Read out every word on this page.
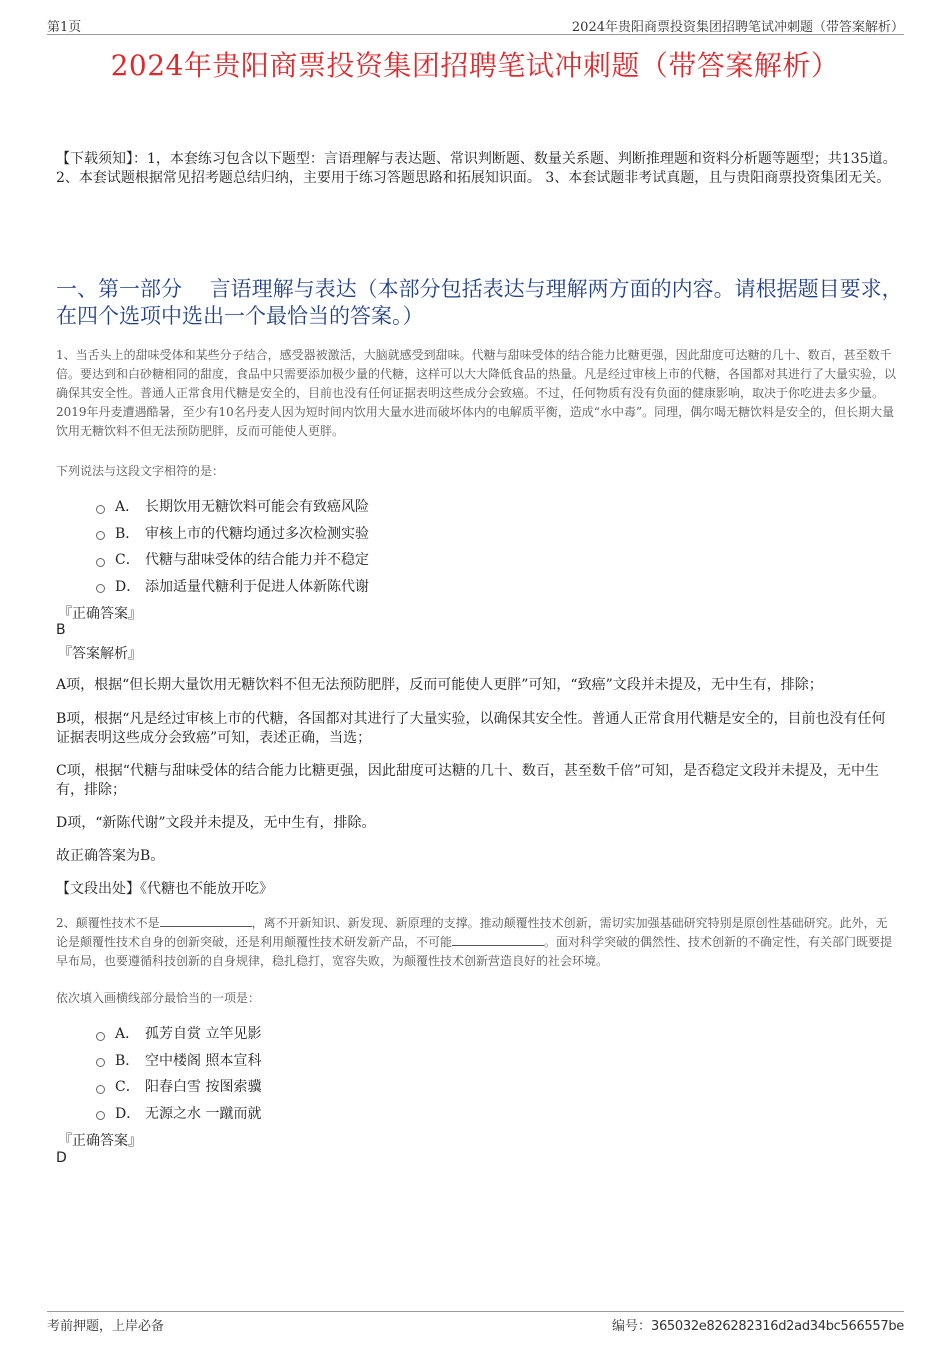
第1页	2024年贵阳商票投资集团招聘笔试冲刺题（带答案解析）
2024年贵阳商票投资集团招聘笔试冲刺题（带答案解析）
【下载须知】：1，本套练习包含以下题型：言语理解与表达题、常识判断题、数量关系题、判断推理题和资料分析题等题型；共135道。 2、本套试题根据常见招考题总结归纳，主要用于练习答题思路和拓展知识面。 3、本套试题非考试真题，且与贵阳商票投资集团无关。
一、第一部分　 言语理解与表达（本部分包括表达与理解两方面的内容。请根据题目要求，在四个选项中选出一个最恰当的答案。）
1、当舌头上的甜味受体和某些分子结合，感受器被激活，大脑就感受到甜味。代糖与甜味受体的结合能力比糖更强，因此甜度可达糖的几十、数百，甚至数千倍。要达到和白砂糖相同的甜度，食品中只需要添加极少量的代糖，这样可以大大降低食品的热量。凡是经过审核上市的代糖，各国都对其进行了大量实验，以确保其安全性。普通人正常食用代糖是安全的，目前也没有任何证据表明这些成分会致癌。不过，任何物质有没有负面的健康影响，取决于你吃进去多少量。2019年丹麦遭遇酷暑，至少有10名丹麦人因为短时间内饮用大量水进而破坏体内的电解质平衡，造成“水中毒”。同理，偶尔喝无糖饮料是安全的，但长期大量饮用无糖饮料不但无法预防肥胖，反而可能使人更胖。
下列说法与这段文字相符的是：
A． 长期饮用无糖饮料可能会有致癌风险
B． 审核上市的代糖均通过多次检测实验
C． 代糖与甜味受体的结合能力并不稳定
D． 添加适量代糖利于促进人体新陈代谢
『正确答案』
B
『答案解析』
A项，根据“但长期大量饮用无糖饮料不但无法预防肥胖，反而可能使人更胖”可知，“致癌”文段并未提及，无中生有，排除；
B项，根据“凡是经过审核上市的代糖，各国都对其进行了大量实验，以确保其安全性。普通人正常食用代糖是安全的，目前也没有任何证据表明这些成分会致癌”可知，表述正确，当选；
C项，根据“代糖与甜味受体的结合能力比糖更强，因此甜度可达糖的几十、数百，甚至数千倍”可知，是否稳定文段并未提及，无中生有，排除；
D项，“新陈代谢”文段并未提及，无中生有，排除。
故正确答案为B。
【文段出处】《代糖也不能放开吃》
2、颠覆性技术不是	，离不开新知识、新发现、新原理的支撑。推动颠覆性技术创新，需切实加强基础研究特别是原创性基础研究。此外，无论是颠覆性技术自身的创新突破，还是利用颠覆性技术研发新产品，不可能	。面对科学突破的偶然性、技术创新的不确定性，有关部门既要提早布局，也要遵循科技创新的自身规律，稳扎稳打，宽容失败，为颠覆性技术创新营造良好的社会环境。
依次填入画横线部分最恰当的一项是：
A． 孤芳自赏 立竿见影
B． 空中楼阁 照本宣科
C． 阳春白雪 按图索骥
D． 无源之水 一蹴而就
『正确答案』
D
考前押题，上岸必备	编号：365032e826282316d2ad34bc566557be
